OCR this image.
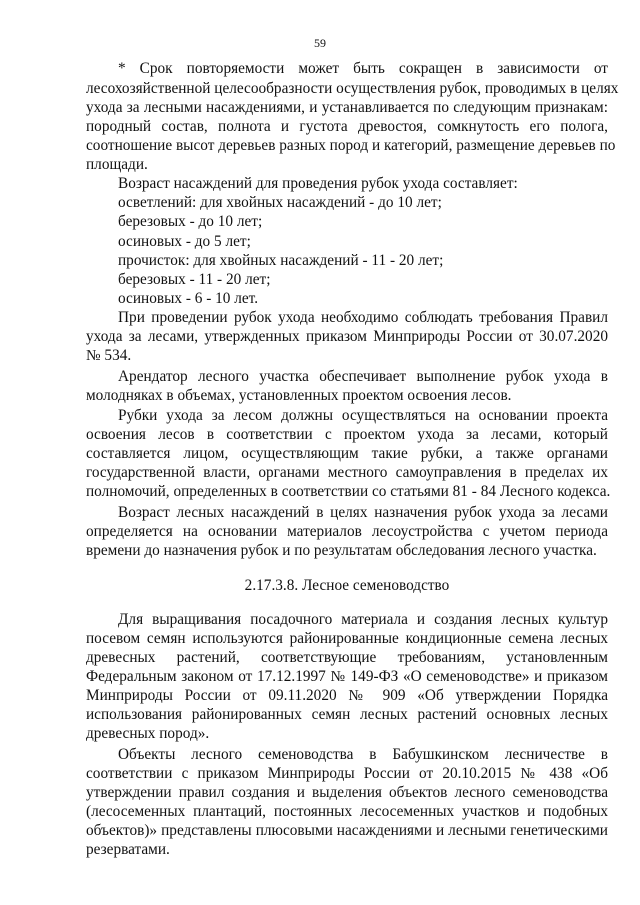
59
* Срок повторяемости может быть сокращен в зависимости от
лесохозяйственной целесообразности осуществления рубок, проводимых в целях
ухода за лесными насаждениями, и устанавливается по следующим признакам:
породный состав, полнота и густота древостоя, сомкнутость его полога,
соотношение высот деревьев разных пород и категорий, размещение деревьев по
площади.
Возраст насаждений для проведения рубок ухода составляет:
осветлений: для хвойных насаждений - до 10 лет;
березовых - до 10 лет;
осиновых - до 5 лет;
прочисток: для хвойных насаждений - 11 - 20 лет;
березовых - 11 - 20 лет;
осиновых - 6 - 10 лет.
При проведении рубок ухода необходимо соблюдать требования Правил
ухода за лесами, утвержденных приказом Минприроды России от 30.07.2020
№ 534.
Арендатор лесного участка обеспечивает выполнение рубок ухода в
молодняках в объемах, установленных проектом освоения лесов.
Рубки ухода за лесом должны осуществляться на основании проекта
освоения лесов в соответствии с проектом ухода за лесами, который
составляется лицом, осуществляющим такие рубки, а также органами
государственной власти, органами местного самоуправления в пределах их
полномочий, определенных в соответствии со статьями 81 - 84 Лесного кодекса.
Возраст лесных насаждений в целях назначения рубок ухода за лесами
определяется на основании материалов лесоустройства с учетом периода
времени до назначения рубок и по результатам обследования лесного участка.
2.17.3.8. Лесное семеноводство
Для выращивания посадочного материала и создания лесных культур
посевом семян используются районированные кондиционные семена лесных
древесных растений, соответствующие требованиям, установленным
Федеральным законом от 17.12.1997 № 149-ФЗ «О семеноводстве» и приказом
Минприроды России от 09.11.2020 № 909 «Об утверждении Порядка
использования районированных семян лесных растений основных лесных
древесных пород».
Объекты лесного семеноводства в Бабушкинском лесничестве в
соответствии с приказом Минприроды России от 20.10.2015 № 438 «Об
утверждении правил создания и выделения объектов лесного семеноводства
(лесосеменных плантаций, постоянных лесосеменных участков и подобных
объектов)» представлены плюсовыми насаждениями и лесными генетическими
резерватами.
